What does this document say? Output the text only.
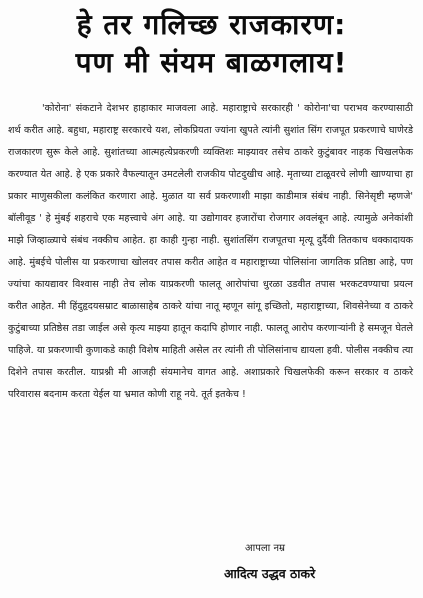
हे तर गलिच्छ राजकारण:
पण मी संयम बाळगलाय!

'कोरोना' संकटाने देशभर हाहाकार माजवला आहे. महाराष्ट्राचे सरकारही ' कोरोना'चा पराभव करण्यासाठी शर्थ करीत आहे. बहुधा, महाराष्ट्र सरकारचे यश, लोकप्रियता ज्यांना खुपते त्यांनी सुशांत सिंग राजपूत प्रकरणाचे घाणेरडे राजकारण सुरू केले आहे. सुशांतच्या आत्महत्येप्रकरणी व्यक्तिशः माझ्यावर तसेच ठाकरे कुटुंबावर नाहक चिखलफेक करण्यात येत आहे. हे एक प्रकारे वैफल्यातून उमटलेली राजकीय पोटदुखीच आहे. मृताच्या टाळूवरचे लोणी खाण्याचा हा प्रकार माणुसकीला कलंकित करणारा आहे. मुळात या सर्व प्रकरणाशी माझा काडीमात्र संबंध नाही. सिनेसृष्टी म्हणजे' बॉलीवूड ' हे मुंबई शहराचे एक महत्त्वाचे अंग आहे. या उद्योगावर हजारोंचा रोजगार अवलंबून आहे. त्यामुळे अनेकांशी माझे जिव्हाळ्याचे संबंध नक्कीच आहेत. हा काही गुन्हा नाही. सुशांतसिंग राजपूतचा मृत्यू दुर्दैवी तितकाच धक्कादायक आहे. मुंबईचे पोलीस या प्रकरणाचा खोलवर तपास करीत आहेत व महाराष्ट्राच्या पोलिसांना जागतिक प्रतिष्ठा आहे, पण ज्यांचा कायद्यावर विश्वास नाही तेच लोक याप्रकरणी फालतू आरोपांचा धुरळा उडवीत तपास भरकटवण्याचा प्रयत्न करीत आहेत. मी हिंदुहृदयसम्राट बाळासाहेब ठाकरे यांचा नातू म्हणून सांगू इच्छितो, महाराष्ट्राच्या, शिवसेनेच्या व ठाकरे कुटुंबाच्या प्रतिष्ठेस तडा जाईल असे कृत्य माझ्या हातून कदापि होणार नाही. फालतू आरोप करणाऱ्यांनी हे समजून घेतले पाहिजे. या प्रकरणाची कुणाकडे काही विशेष माहिती असेल तर त्यांनी ती पोलिसांनाच द्यायला हवी. पोलीस नक्कीच त्या दिशेने तपास करतील. याप्रश्नी मी आजही संयमानेच वागत आहे. अशाप्रकारे चिखलफेकी करून सरकार व ठाकरे परिवारास बदनाम करता येईल या भ्रमात कोणी राहू नये. तूर्त इतकेच !

आपला नम्र
आदित्य उद्धव ठाकरे
